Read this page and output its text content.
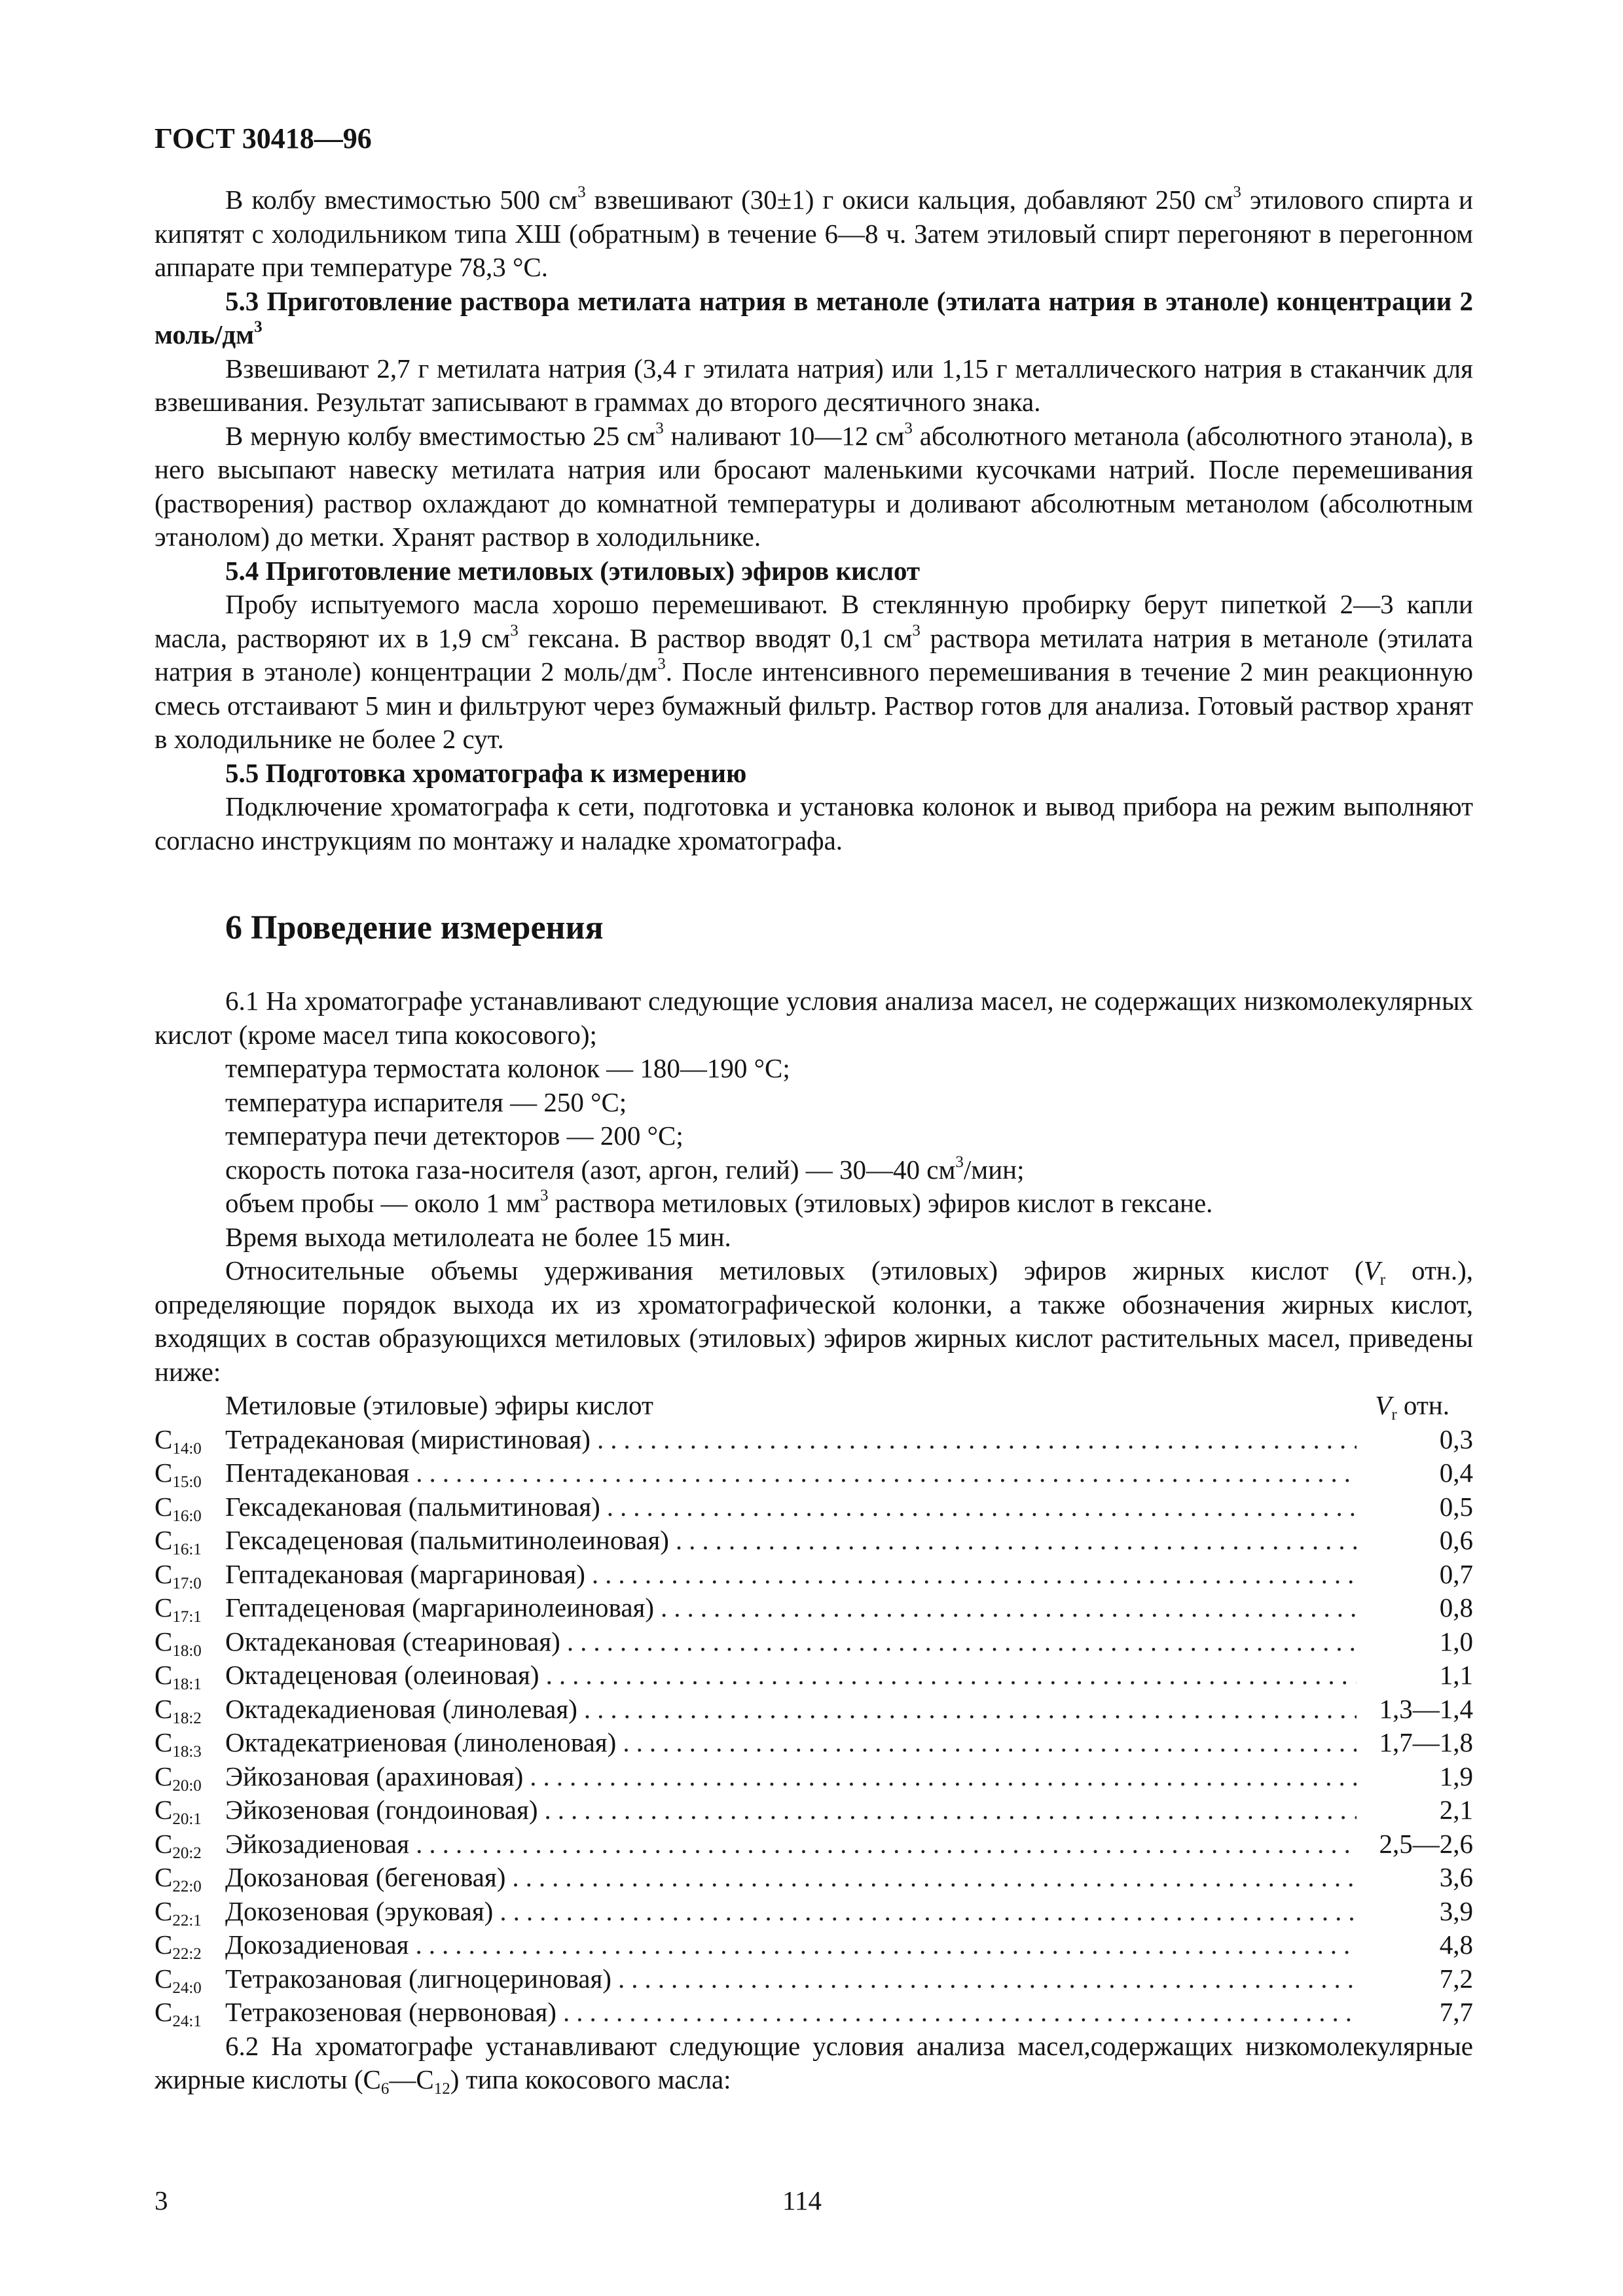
ГОСТ 30418—96

В колбу вместимостью 500 $см^3$ взвешивают (30±1) г окиси кальция, добавляют 250 $см^3$ этилового спирта и кипятят с холодильником типа ХШ (обратным) в течение 6—8 ч. Затем этиловый спирт перегоняют в перегонном аппарате при температуре 78,3 °С.

5.3 Приготовление раствора метилата натрия в метаноле (этилата натрия в этаноле) концентрации 2 моль/$дм^3$

Взвешивают 2,7 г метилата натрия (3,4 г этилата натрия) или 1,15 г металлического натрия в стаканчик для взвешивания. Результат записывают в граммах до второго десятичного знака.

В мерную колбу вместимостью 25 $см^3$ наливают 10—12 $см^3$ абсолютного метанола (абсолютного этанола), в него высыпают навеску метилата натрия или бросают маленькими кусочками натрий. После перемешивания (растворения) раствор охлаждают до комнатной температуры и доливают абсолютным метанолом (абсолютным этанолом) до метки. Хранят раствор в холодильнике.

5.4 Приготовление метиловых (этиловых) эфиров кислот

Пробу испытуемого масла хорошо перемешивают. В стеклянную пробирку берут пипеткой 2—3 капли масла, растворяют их в 1,9 $см^3$ гексана. В раствор вводят 0,1 $см^3$ раствора метилата натрия в метаноле (этилата натрия в этаноле) концентрации 2 моль/$дм^3$. После интенсивного перемешивания в течение 2 мин реакционную смесь отстаивают 5 мин и фильтруют через бумажный фильтр. Раствор готов для анализа. Готовый раствор хранят в холодильнике не более 2 сут.

5.5 Подготовка хроматографа к измерению

Подключение хроматографа к сети, подготовка и установка колонок и вывод прибора на режим выполняют согласно инструкциям по монтажу и наладке хроматографа.

6 Проведение измерения

6.1 На хроматографе устанавливают следующие условия анализа масел, не содержащих низкомолекулярных кислот (кроме масел типа кокосового);

температура термостата колонок — 180—190 °С;
температура испарителя — 250 °С;
температура печи детекторов — 200 °С;
скорость потока газа-носителя (азот, аргон, гелий) — 30—40 $см^3$/мин;
объем пробы — около 1 $мм^3$ раствора метиловых (этиловых) эфиров кислот в гексане.
Время выхода метилолеата не более 15 мин.

Относительные объемы удерживания метиловых (этиловых) эфиров жирных кислот ($V_r$ отн.), определяющие порядок выхода их из хроматографической колонки, а также обозначения жирных кислот, входящих в состав образующихся метиловых (этиловых) эфиров жирных кислот растительных масел, приведены ниже:

Метиловые (этиловые) эфиры кислот	$V_r$ отн.
$C_{14:0}$ Тетрадекановая (миристиновая) .....	0,3
$C_{15:0}$ Пентадекановая .....	0,4
$C_{16:0}$ Гексадекановая (пальмитиновая) .....	0,5
$C_{16:1}$ Гексадеценовая (пальмитинолеиновая) .....	0,6
$C_{17:0}$ Гептадекановая (маргариновая) .....	0,7
$C_{17:1}$ Гептадеценовая (маргаринолеиновая) .....	0,8
$C_{18:0}$ Октадекановая (стеариновая) .....	1,0
$C_{18:1}$ Октадеценовая (олеиновая) .....	1,1
$C_{18:2}$ Октадекадиеновая (линолевая) .....	1,3—1,4
$C_{18:3}$ Октадекатриеновая (линоленовая) .....	1,7—1,8
$C_{20:0}$ Эйкозановая (арахиновая) .....	1,9
$C_{20:1}$ Эйкозеновая (гондоиновая) .....	2,1
$C_{20:2}$ Эйкозадиеновая .....	2,5—2,6
$C_{22:0}$ Докозановая (бегеновая) .....	3,6
$C_{22:1}$ Докозеновая (эруковая) .....	3,9
$C_{22:2}$ Докозадиеновая .....	4,8
$C_{24:0}$ Тетракозановая (лигноцериновая) .....	7,2
$C_{24:1}$ Тетракозеновая (нервоновая) .....	7,7

6.2 На хроматографе устанавливают следующие условия анализа масел,содержащих низкомолекулярные жирные кислоты $(С_6—С_{12})$ типа кокосового масла:

3	114
